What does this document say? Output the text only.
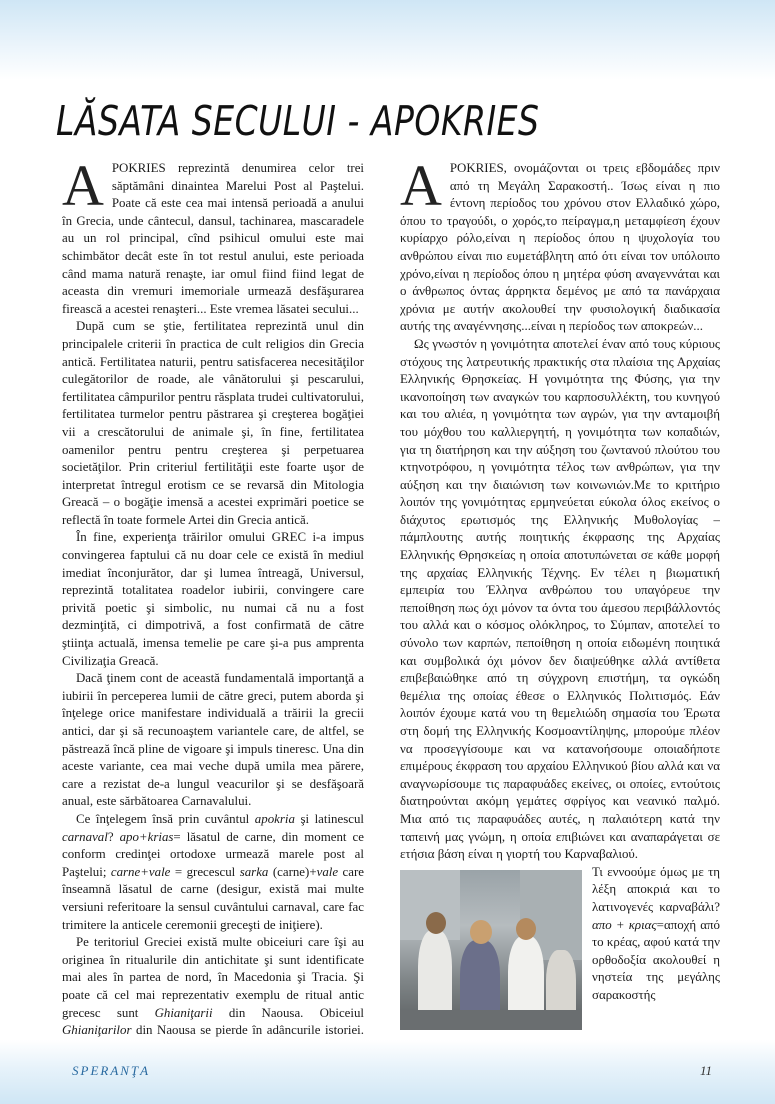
LĂSATA SECULUI - APOKRIES

APOKRIES reprezintă denumirea celor trei săptămâni dinaintea Marelui Post al Paştelui. Poate că este cea mai intensă perioadă a anului în Grecia, unde cântecul, dansul, tachinarea, mascaradele au un rol principal, cînd psihicul omului este mai schimbător decât este în tot restul anului, este perioada când mama natură renaşte, iar omul fiind fiind legat de aceasta din vremuri imemoriale urmează desfăşurarea firească a acestei renaşteri... Este vremea lăsatei secului...

După cum se ştie, fertilitatea reprezintă unul din principalele criterii în practica de cult religios din Grecia antică. Fertilitatea naturii, pentru satisfacerea necesităţilor culegătorilor de roade, ale vânătorului şi pescarului, fertilitatea câmpurilor pentru răsplata trudei cultivatorului, fertilitatea turmelor pentru păstrarea şi creşterea bogăţiei vii a crescătorului de animale şi, în fine, fertilitatea oamenilor pentru pentru creşterea şi perpetuarea societăţilor. Prin criteriul fertilităţii este foarte uşor de interpretat întregul erotism ce se revarsă din Mitologia Greacă – o bogăţie imensă a acestei exprimări poetice se reflectă în toate formele Artei din Grecia antică.

În fine, experienţa trăirilor omului GREC i-a impus convingerea faptului că nu doar cele ce există în mediul imediat înconjurător, dar şi lumea întreagă, Universul, reprezintă totalitatea roadelor iubirii, convingere care privită poetic şi simbolic, nu numai că nu a fost dezminţită, ci dimpotrivă, a fost confirmată de către ştiinţa actuală, imensa temelie pe care şi-a pus amprenta Civilizaţia Greacă.

Dacă ţinem cont de această fundamentală importanţă a iubirii în perceperea lumii de către greci, putem aborda şi înţelege orice manifestare individuală a trăirii la grecii antici, dar şi să recunoaştem variantele care, de altfel, se păstrează încă pline de vigoare şi impuls tineresc. Una din aceste variante, cea mai veche după umila mea părere, care a rezistat de-a lungul veacurilor şi se desfăşoară anual, este sărbătoarea Carnavalului.

Ce înţelegem însă prin cuvântul apokria şi latinescul carnaval? apo+krias= lăsatul de carne, din moment ce conform credinţei ortodoxe urmează marele post al Paştelui; carne+vale = grecescul sarka (carne)+vale care înseamnă lăsatul de carne (desigur, există mai multe versiuni referitoare la sensul cuvântului carnaval, care fac trimitere la anticele ceremonii greceşti de iniţiere).

Pe teritoriul Greciei există multe obiceiuri care îşi au originea în ritualurile din antichitate şi sunt identificate mai ales în partea de nord, în Macedonia şi Tracia. Şi poate că cel mai reprezentativ exemplu de ritual antic grecesc sunt Ghianiţarii din Naousa. Obiceiul Ghianiţarilor din Naousa se pierde în adâncurile istoriei.

APOKRIES, ονομάζονται οι τρεις εβδομάδες πριν από τη Μεγάλη Σαρακοστή.. Ίσως είναι η πιο έντονη περίοδος του χρόνου στον Ελλαδικό χώρο, όπου το τραγούδι, ο χορός,το πείραγμα,η μεταμφίεση έχουν κυρίαρχο ρόλο,είναι η περίοδος όπου η ψυχολογία του ανθρώπου είναι πιο ευμετάβλητη από ότι είναι τον υπόλοιπο χρόνο,είναι η περίοδος όπου η μητέρα φύση αναγεννάται και ο άνθρωπος όντας άρρηκτα δεμένος με από τα πανάρχαια χρόνια με αυτήν ακολουθεί την φυσιολογική διαδικασία αυτής της αναγέννησης...είναι η περίοδος των αποκρεών...

Ως γνωστόν η γονιμότητα αποτελεί έναν από τους κύριους στόχους της λατρευτικής πρακτικής στα πλαίσια της Αρχαίας Ελληνικής Θρησκείας. Η γονιμότητα της Φύσης, για την ικανοποίηση των αναγκών του καρποσυλλέκτη, του κυνηγού και του αλιέα, η γονιμότητα των αγρών, για την ανταμοιβή του μόχθου του καλλιεργητή, η γονιμότητα των κοπαδιών, για τη διατήρηση και την αύξηση του ζωντανού πλούτου του κτηνοτρόφου, η γονιμότητα τέλος των ανθρώπων, για την αύξηση και την διαιώνιση των κοινωνιών.Με το κριτήριο λοιπόν της γονιμότητας ερμηνεύεται εύκολα όλος εκείνος ο διάχυτος ερωτισμός της Ελληνικής Μυθολογίας – πάμπλουτης αυτής ποιητικής έκφρασης της Αρχαίας Ελληνικής Θρησκείας η οποία αποτυπώνεται σε κάθε μορφή της αρχαίας Ελληνικής Τέχνης. Εν τέλει η βιωματική εμπειρία του Έλληνα ανθρώπου του υπαγόρευε την πεποίθηση πως όχι μόνον τα όντα του άμεσου περιβάλλοντός του αλλά και ο κόσμος ολόκληρος, το Σύμπαν, αποτελεί το σύνολο των καρπών, πεποίθηση η οποία ειδωμένη ποιητικά και συμβολικά όχι μόνον δεν διαψεύθηκε αλλά αντίθετα επιβεβαιώθηκε από τη σύγχρονη επιστήμη, τα ογκώδη θεμέλια της οποίας έθεσε ο Ελληνικός Πολιτισμός. Εάν λοιπόν έχουμε κατά νου τη θεμελιώδη σημασία του Έρωτα στη δομή της Ελληνικής Κοσμοαντίληψης, μπορούμε πλέον να προσεγγίσουμε και να κατανοήσουμε οποιαδήποτε επιμέρους έκφραση του αρχαίου Ελληνικού βίου αλλά και να αναγνωρίσουμε τις παραφυάδες εκείνες, οι οποίες, εντούτοις διατηρούνται ακόμη γεμάτες σφρίγος και νεανικό παλμό. Μια από τις παραφυάδες αυτές, η παλαιότερη κατά την ταπεινή μας γνώμη, η οποία επιβιώνει και αναπαράγεται σε ετήσια βάση είναι η γιορτή του Καρναβαλιού.

Τι εννοούμε όμως με τη λέξη αποκριά και το λατινογενές καρναβάλι? απο + κριας=αποχή από το κρέας, αφού κατά την ορθοδοξία ακολουθεί η νηστεία της μεγάλης σαρακοστής

SPERANŢA	11
